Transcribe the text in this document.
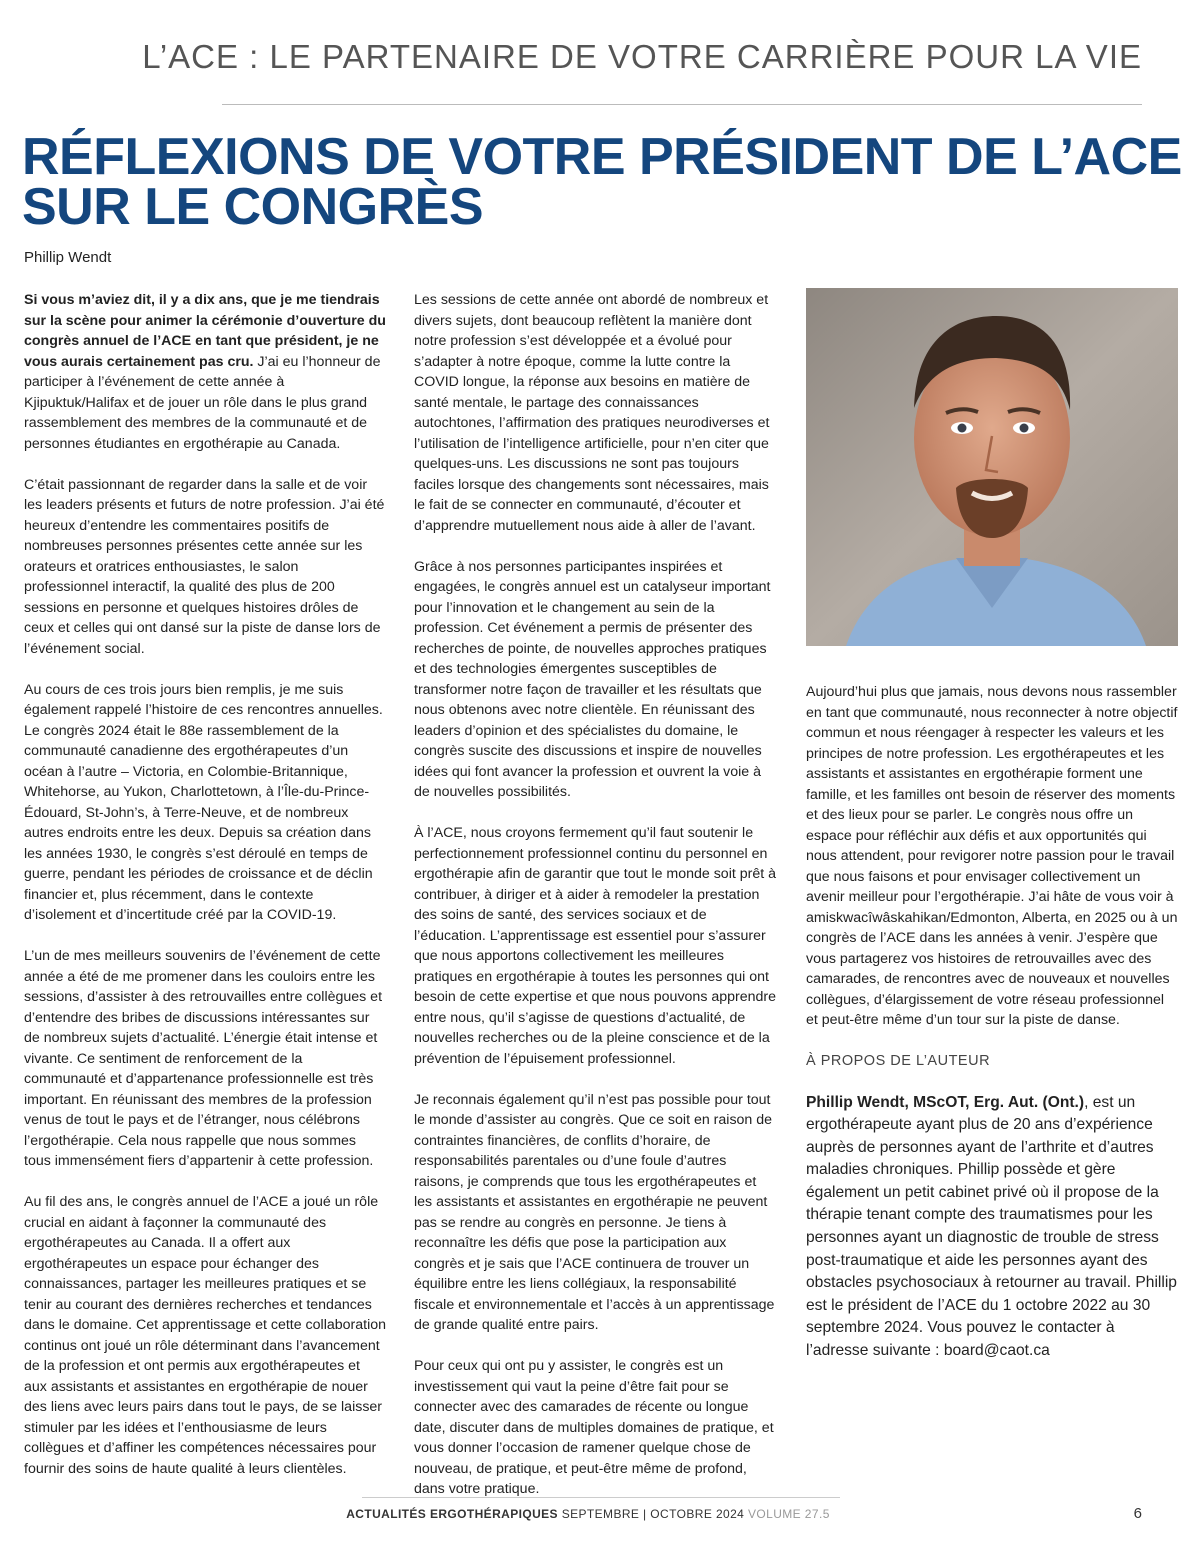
L’ACE : LE PARTENAIRE DE VOTRE CARRIÈRE POUR LA VIE
RÉFLEXIONS DE VOTRE PRÉSIDENT DE L’ACE SUR LE CONGRÈS
Phillip Wendt

Si vous m’aviez dit, il y a dix ans, que je me tiendrais sur la scène pour animer la cérémonie d’ouverture du congrès annuel de l’ACE en tant que président, je ne vous aurais certainement pas cru. J’ai eu l’honneur de participer à l’événement de cette année à Kjipuktuk/Halifax et de jouer un rôle dans le plus grand rassemblement des membres de la communauté et de personnes étudiantes en ergothérapie au Canada.

C’était passionnant de regarder dans la salle et de voir les leaders présents et futurs de notre profession. J’ai été heureux d’entendre les commentaires positifs de nombreuses personnes présentes cette année sur les orateurs et oratrices enthousiastes, le salon professionnel interactif, la qualité des plus de 200 sessions en personne et quelques histoires drôles de ceux et celles qui ont dansé sur la piste de danse lors de l’événement social.

Au cours de ces trois jours bien remplis, je me suis également rappelé l’histoire de ces rencontres annuelles. Le congrès 2024 était le 88e rassemblement de la communauté canadienne des ergothérapeutes d’un océan à l’autre – Victoria, en Colombie-Britannique, Whitehorse, au Yukon, Charlottetown, à l’Île-du-Prince-Édouard, St-John’s, à Terre-Neuve, et de nombreux autres endroits entre les deux. Depuis sa création dans les années 1930, le congrès s’est déroulé en temps de guerre, pendant les périodes de croissance et de déclin financier et, plus récemment, dans le contexte d’isolement et d’incertitude créé par la COVID-19.

L’un de mes meilleurs souvenirs de l’événement de cette année a été de me promener dans les couloirs entre les sessions, d’assister à des retrouvailles entre collègues et d’entendre des bribes de discussions intéressantes sur de nombreux sujets d’actualité. L’énergie était intense et vivante. Ce sentiment de renforcement de la communauté et d’appartenance professionnelle est très important. En réunissant des membres de la profession venus de tout le pays et de l’étranger, nous célébrons l’ergothérapie. Cela nous rappelle que nous sommes tous immensément fiers d’appartenir à cette profession.

Au fil des ans, le congrès annuel de l’ACE a joué un rôle crucial en aidant à façonner la communauté des ergothérapeutes au Canada. Il a offert aux ergothérapeutes un espace pour échanger des connaissances, partager les meilleures pratiques et se tenir au courant des dernières recherches et tendances dans le domaine. Cet apprentissage et cette collaboration continus ont joué un rôle déterminant dans l’avancement de la profession et ont permis aux ergothérapeutes et aux assistants et assistantes en ergothérapie de nouer des liens avec leurs pairs dans tout le pays, de se laisser stimuler par les idées et l’enthousiasme de leurs collègues et d’affiner les compétences nécessaires pour fournir des soins de haute qualité à leurs clientèles.

Les sessions de cette année ont abordé de nombreux et divers sujets, dont beaucoup reflètent la manière dont notre profession s’est développée et a évolué pour s’adapter à notre époque, comme la lutte contre la COVID longue, la réponse aux besoins en matière de santé mentale, le partage des connaissances autochtones, l’affirmation des pratiques neurodiverses et l’utilisation de l’intelligence artificielle, pour n’en citer que quelques-uns. Les discussions ne sont pas toujours faciles lorsque des changements sont nécessaires, mais le fait de se connecter en communauté, d’écouter et d’apprendre mutuellement nous aide à aller de l’avant.

Grâce à nos personnes participantes inspirées et engagées, le congrès annuel est un catalyseur important pour l’innovation et le changement au sein de la profession. Cet événement a permis de présenter des recherches de pointe, de nouvelles approches pratiques et des technologies émergentes susceptibles de transformer notre façon de travailler et les résultats que nous obtenons avec notre clientèle. En réunissant des leaders d’opinion et des spécialistes du domaine, le congrès suscite des discussions et inspire de nouvelles idées qui font avancer la profession et ouvrent la voie à de nouvelles possibilités.

À l’ACE, nous croyons fermement qu’il faut soutenir le perfectionnement professionnel continu du personnel en ergothérapie afin de garantir que tout le monde soit prêt à contribuer, à diriger et à aider à remodeler la prestation des soins de santé, des services sociaux et de l’éducation. L’apprentissage est essentiel pour s’assurer que nous apportons collectivement les meilleures pratiques en ergothérapie à toutes les personnes qui ont besoin de cette expertise et que nous pouvons apprendre entre nous, qu’il s’agisse de questions d’actualité, de nouvelles recherches ou de la pleine conscience et de la prévention de l’épuisement professionnel.

Je reconnais également qu’il n’est pas possible pour tout le monde d’assister au congrès. Que ce soit en raison de contraintes financières, de conflits d’horaire, de responsabilités parentales ou d’une foule d’autres raisons, je comprends que tous les ergothérapeutes et les assistants et assistantes en ergothérapie ne peuvent pas se rendre au congrès en personne. Je tiens à reconnaître les défis que pose la participation aux congrès et je sais que l’ACE continuera de trouver un équilibre entre les liens collégiaux, la responsabilité fiscale et environnementale et l’accès à un apprentissage de grande qualité entre pairs.

Pour ceux qui ont pu y assister, le congrès est un investissement qui vaut la peine d’être fait pour se connecter avec des camarades de récente ou longue date, discuter dans de multiples domaines de pratique, et vous donner l’occasion de ramener quelque chose de nouveau, de pratique, et peut-être même de profond, dans votre pratique.

Aujourd’hui plus que jamais, nous devons nous rassembler en tant que communauté, nous reconnecter à notre objectif commun et nous réengager à respecter les valeurs et les principes de notre profession. Les ergothérapeutes et les assistants et assistantes en ergothérapie forment une famille, et les familles ont besoin de réserver des moments et des lieux pour se parler. Le congrès nous offre un espace pour réfléchir aux défis et aux opportunités qui nous attendent, pour revigorer notre passion pour le travail que nous faisons et pour envisager collectivement un avenir meilleur pour l’ergothérapie. J’ai hâte de vous voir à amiskwacîwâskahikan/Edmonton, Alberta, en 2025 ou à un congrès de l’ACE dans les années à venir. J’espère que vous partagerez vos histoires de retrouvailles avec des camarades, de rencontres avec de nouveaux et nouvelles collègues, d’élargissement de votre réseau professionnel et peut-être même d’un tour sur la piste de danse.

À PROPOS DE L’AUTEUR

Phillip Wendt, MScOT, Erg. Aut. (Ont.), est un ergothérapeute ayant plus de 20 ans d’expérience auprès de personnes ayant de l’arthrite et d’autres maladies chroniques. Phillip possède et gère également un petit cabinet privé où il propose de la thérapie tenant compte des traumatismes pour les personnes ayant un diagnostic de trouble de stress post-traumatique et aide les personnes ayant des obstacles psychosociaux à retourner au travail. Phillip est le président de l’ACE du 1 octobre 2022 au 30 septembre 2024. Vous pouvez le contacter à l’adresse suivante : board@caot.ca

ACTUALITÉS ERGOTHÉRAPIQUES SEPTEMBRE | OCTOBRE 2024 VOLUME 27.5	6
